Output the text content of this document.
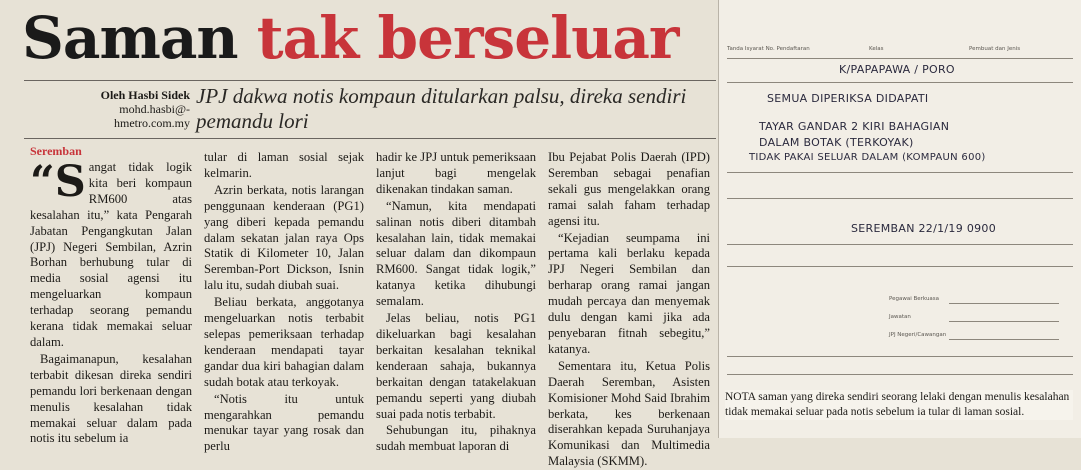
Saman tak berseluar
Oleh Hasbi Sidek
mohd.hasbi@-
hmetro.com.my

JPJ dakwa notis kompaun ditularkan palsu, direka sendiri pemandu lori

Seremban

“Sangat tidak logik kita beri kompaun RM600 atas kesalahan itu,” kata Pengarah Jabatan Pengangkutan Jalan (JPJ) Negeri Sembilan, Azrin Borhan berhubung tular di media sosial agensi itu mengeluarkan kompaun terhadap seorang pemandu kerana tidak memakai seluar dalam.

Bagaimanapun, kesalahan terbabit dikesan direka sendiri pemandu lori berkenaan dengan menulis kesalahan tidak memakai seluar dalam pada notis itu sebelum ia

tular di laman sosial sejak kelmarin.

Azrin berkata, notis larangan penggunaan kenderaan (PG1) yang diberi kepada pemandu dalam sekatan jalan raya Ops Statik di Kilometer 10, Jalan Seremban-Port Dickson, Isnin lalu itu, sudah diubah suai.

Beliau berkata, anggotanya mengeluarkan notis terbabit selepas pemeriksaan terhadap kenderaan mendapati tayar gandar dua kiri bahagian dalam sudah botak atau terkoyak.

“Notis itu untuk mengarahkan pemandu menukar tayar yang rosak dan perlu

hadir ke JPJ untuk pemeriksaan lanjut bagi mengelak dikenakan tindakan saman.

“Namun, kita mendapati salinan notis diberi ditambah kesalahan lain, tidak memakai seluar dalam dan dikompaun RM600. Sangat tidak logik,” katanya ketika dihubungi semalam.

Jelas beliau, notis PG1 dikeluarkan bagi kesalahan berkaitan kesalahan teknikal kenderaan sahaja, bukannya berkaitan dengan tatakelakuan pemandu seperti yang diubah suai pada notis terbabit.

Sehubungan itu, pihaknya sudah membuat laporan di

Ibu Pejabat Polis Daerah (IPD) Seremban sebagai penafian sekali gus mengelakkan orang ramai salah faham terhadap agensi itu.

“Kejadian seumpama ini pertama kali berlaku kepada JPJ Negeri Sembilan dan berharap orang ramai jangan mudah percaya dan menyemak dulu dengan kami jika ada penyebaran fitnah sebegitu,” katanya.

Sementara itu, Ketua Polis Daerah Seremban, Asisten Komisioner Mohd Said Ibrahim berkata, kes berkenaan diserahkan kepada Suruhanjaya Komunikasi dan Multimedia Malaysia (SKMM).

Tanda Isyarat No. Pendaftaran	Kelas	Pembuat dan Jenis
K/PAPAPAWA / PORO
SEMUA DIPERIKSA DIDAPATI
TAYAR GANDAR 2 KIRI BAHAGIAN
DALAM BOTAK (TERKOYAK)
TIDAK PAKAI SELUAR DALAM (KOMPAUN 600)
SEREMBAN 22/1/19 0900
Pegawai Berkuasa
Jawatan
JPJ Negeri/Cawangan
NOTA saman yang direka sendiri seorang lelaki dengan menulis kesalahan tidak memakai seluar pada notis sebelum ia tular di laman sosial.
